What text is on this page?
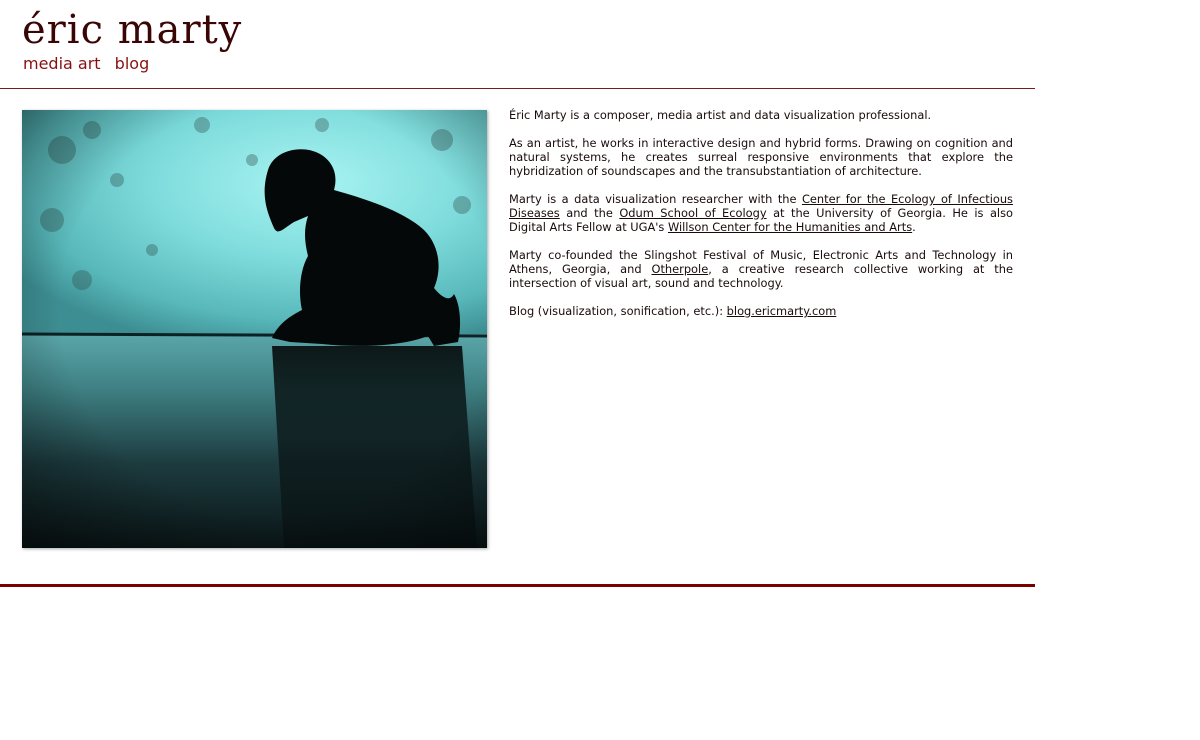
éric marty
media art blog

Éric Marty is a composer, media artist and data visualization professional.

As an artist, he works in interactive design and hybrid forms. Drawing on cognition and natural systems, he creates surreal responsive environments that explore the hybridization of soundscapes and the transubstantiation of architecture.

Marty is a data visualization researcher with the Center for the Ecology of Infectious Diseases and the Odum School of Ecology at the University of Georgia. He is also Digital Arts Fellow at UGA's Willson Center for the Humanities and Arts.

Marty co-founded the Slingshot Festival of Music, Electronic Arts and Technology in Athens, Georgia, and Otherpole, a creative research collective working at the intersection of visual art, sound and technology.

Blog (visualization, sonification, etc.): blog.ericmarty.com
